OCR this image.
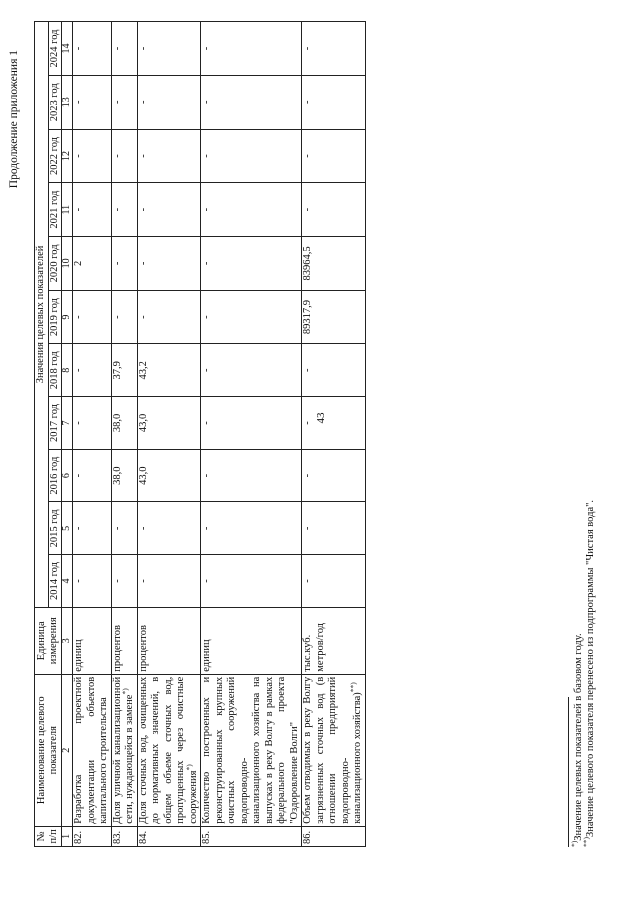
43
Продолжение приложения 1
№
п/п	Наименование целевого показателя	Единица измерения	Значения целевых показателей										
			2014 год	2015 год	2016 год	2017 год	2018 год	2019 год	2020 год	2021 год	2022 год	2023 год	2024 год
1	2	3	4	5	6	7	8	9	10	11	12	13	14
82.	Разработка проектной документации объектов капитального строительства	единиц	-	-	-	-	-	-	2	-	-	-	-
83.	Доля уличной канализационной сети, нуждающейся в замене*)	процентов	-	-	38,0	38,0	37,9	-	-	-	-	-	-
84.	Доля сточных вод, очищенных до нормативных значений, в общем объеме сточных вод, пропущенных через очистные сооружения*)	процентов	-	-	43,0	43,0	43,2	-	-	-	-	-	-
85.	Количество построенных и реконструированных крупных очистных сооружений водопроводно-канализационного хозяйства на выпусках в реку Волгу в рамках федерального проекта "Оздоровление Волги"	единиц	-	-	-	-	-	-	-	-	-	-	-
86.	Объем отводимых в реку Волгу загрязненных сточных вод (в отношении предприятий водопроводно-канализационного хозяйства)**)	тыс.куб. метров/год	-	-	-	-	-	89317,9	83964,5	-	-	-	-
*)Значение целевых показателей в базовом году.
**)Значение целевого показателя перенесено из подпрограммы "Чистая вода".
